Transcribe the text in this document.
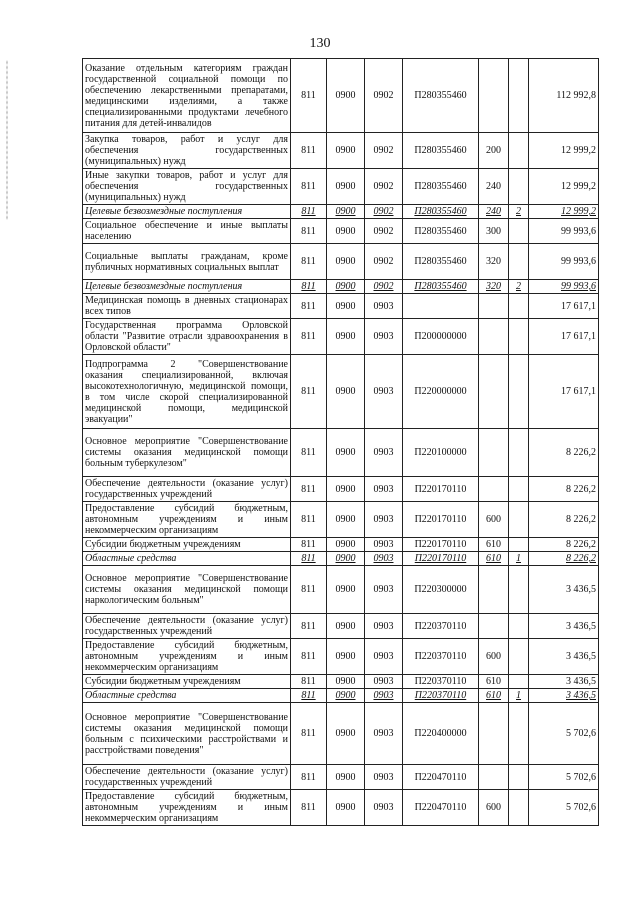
130
Оказание отдельным категориям граждан государственной социальной помощи по обеспечению лекарственными препаратами, медицинскими изделиями, а также специализированными продуктами лечебного питания для детей-инвалидов	811	0900	0902	П280355460			112 992,8
Закупка товаров, работ и услуг для обеспечения государственных (муниципальных) нужд	811	0900	0902	П280355460	200		12 999,2
Иные закупки товаров, работ и услуг для обеспечения государственных (муниципальных) нужд	811	0900	0902	П280355460	240		12 999,2
Целевые безвозмездные поступления	811	0900	0902	П280355460	240	2	12 999,2
Социальное обеспечение и иные выплаты населению	811	0900	0902	П280355460	300		99 993,6
Социальные выплаты гражданам, кроме публичных нормативных социальных выплат	811	0900	0902	П280355460	320		99 993,6
Целевые безвозмездные поступления	811	0900	0902	П280355460	320	2	99 993,6
Медицинская помощь в дневных стационарах всех типов	811	0900	0903				17 617,1
Государственная программа Орловской области "Развитие отрасли здравоохранения в Орловской области"	811	0900	0903	П200000000			17 617,1
Подпрограмма 2 "Совершенствование оказания специализированной, включая высокотехнологичную, медицинской помощи, в том числе скорой специализированной медицинской помощи, медицинской эвакуации"	811	0900	0903	П220000000			17 617,1
Основное мероприятие "Совершенствование системы оказания медицинской помощи больным туберкулезом"	811	0900	0903	П220100000			8 226,2
Обеспечение деятельности (оказание услуг) государственных учреждений	811	0900	0903	П220170110			8 226,2
Предоставление субсидий бюджетным, автономным учреждениям и иным некоммерческим организациям	811	0900	0903	П220170110	600		8 226,2
Субсидии бюджетным учреждениям	811	0900	0903	П220170110	610		8 226,2
Областные средства	811	0900	0903	П220170110	610	1	8 226,2
Основное мероприятие "Совершенствование системы оказания медицинской помощи наркологическим больным"	811	0900	0903	П220300000			3 436,5
Обеспечение деятельности (оказание услуг) государственных учреждений	811	0900	0903	П220370110			3 436,5
Предоставление субсидий бюджетным, автономным учреждениям и иным некоммерческим организациям	811	0900	0903	П220370110	600		3 436,5
Субсидии бюджетным учреждениям	811	0900	0903	П220370110	610		3 436,5
Областные средства	811	0900	0903	П220370110	610	1	3 436,5
Основное мероприятие "Совершенствование системы оказания медицинской помощи больным с психическими расстройствами и расстройствами поведения"	811	0900	0903	П220400000			5 702,6
Обеспечение деятельности (оказание услуг) государственных учреждений	811	0900	0903	П220470110			5 702,6
Предоставление субсидий бюджетным, автономным учреждениям и иным некоммерческим организациям	811	0900	0903	П220470110	600		5 702,6
